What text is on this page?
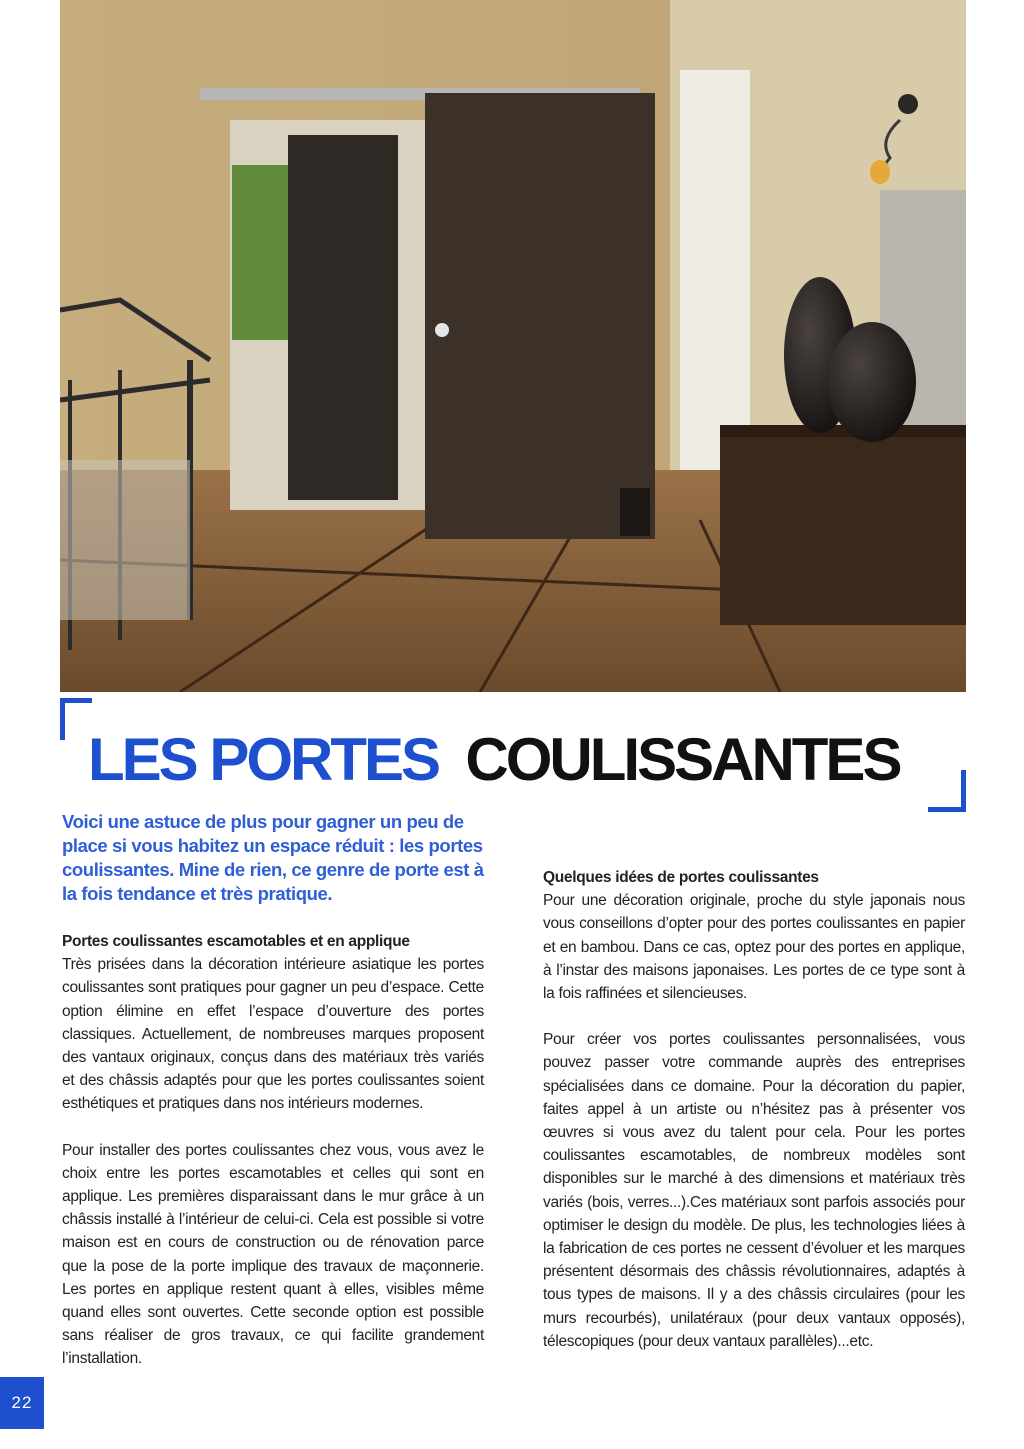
LES PORTES COULISSANTES

Voici une astuce de plus pour gagner un peu de place si vous habitez un espace réduit : les portes coulissantes. Mine de rien, ce genre de porte est à la fois tendance et très pratique.

Portes coulissantes escamotables et en applique

Très prisées dans la décoration intérieure asiatique les portes coulissantes sont pratiques pour gagner un peu d’espace. Cette option élimine en effet l’espace d’ouverture des portes classiques. Actuellement, de nombreuses marques proposent des vantaux originaux, conçus dans des matériaux très variés et des châssis adaptés pour que les portes coulissantes soient esthétiques et pratiques dans nos intérieurs modernes.

Pour installer des portes coulissantes chez vous, vous avez le choix entre les portes escamotables et celles qui sont en applique. Les premières disparaissant dans le mur grâce à un châssis installé à l’intérieur de celui-ci. Cela est possible si votre maison est en cours de construction ou de rénovation parce que la pose de la porte implique des travaux de maçonnerie. Les portes en applique restent quant à elles, visibles même quand elles sont ouvertes. Cette seconde option est possible sans réaliser de gros travaux, ce qui facilite grandement l’installation.

Quelques idées de portes coulissantes

Pour une décoration originale, proche du style japonais nous vous conseillons d’opter pour des portes coulissantes en papier et en bambou. Dans ce cas, optez pour des portes en applique, à l’instar des maisons japonaises. Les portes de ce type sont à la fois raffinées et silencieuses.

Pour créer vos portes coulissantes personnalisées, vous pouvez passer votre commande auprès des entreprises spécialisées dans ce domaine. Pour la décoration du papier, faites appel à un artiste ou n’hésitez pas à présenter vos œuvres si vous avez du talent pour cela. Pour les portes coulissantes escamotables, de nombreux modèles sont disponibles sur le marché à des dimensions et matériaux très variés (bois, verres...).Ces matériaux sont parfois associés pour optimiser le design du modèle. De plus, les technologies liées à la fabrication de ces portes ne cessent d’évoluer et les marques présentent désormais des châssis révolutionnaires, adaptés à tous types de maisons. Il y a des châssis circulaires (pour les murs recourbés), unilatéraux (pour deux vantaux opposés), télescopiques (pour deux vantaux parallèles)...etc.

22
